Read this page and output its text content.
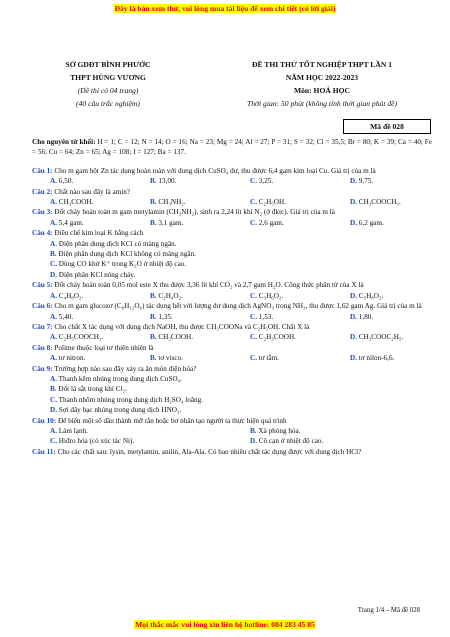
Đây là bản xem thử, vui lòng mua tài liệu để xem chi tiết (có lời giải)
SỞ GDĐT BÌNH PHƯỚC
THPT HÙNG VƯƠNG
(Đề thi có 04 trang)
(40 câu trắc nghiệm)
ĐỀ THI THỬ TỐT NGHIỆP THPT LẦN 1
NĂM HỌC 2022-2023
Môn: HOÁ HỌC
Thời gian: 50 phút (không tính thời gian phát đề)
Mã đề 028
Cho nguyên tử khối: H = 1; C = 12; N = 14; O = 16; Na = 23; Mg = 24; Al = 27; P = 31; S = 32; Cl = 35,5; Br = 80; K = 39; Ca = 40; Fe = 56; Cu = 64; Zn = 65; Ag = 108; I = 127; Ba = 137.
Câu 1: Cho m gam bột Zn tác dụng hoàn toàn với dung dịch CuSO₄ dư, thu được 6,4 gam kim loại Cu. Giá trị của m là
A. 6,50.	B. 13,00.	C. 3,25.	D. 9,75.
Câu 2: Chất nào sau đây là amin?
A. CH₃COOH.	B. CH₃NH₂.	C. C₂H₅OH.	D. CH₃COOCH₃.
Câu 3: Đốt cháy hoàn toàn m gam metylamin (CH₃NH₂), sinh ra 2,24 lít khí N₂ (ở đktc). Giá trị của m là
A. 5,4 gam.	B. 3,1 gam.	C. 2,6 gam.	D. 6,2 gam.
Câu 4: Điều chế kim loại K bằng cách
A. Điện phân dung dịch KCl có màng ngăn.
B. Điện phân dung dịch KCl không có màng ngăn.
C. Dùng CO khử K⁺ trong K₂O ở nhiệt độ cao.
D. Điện phân KCl nóng chảy.
Câu 5: Đốt cháy hoàn toàn 0,05 mol este X thu được 3,36 lít khí CO₂ và 2,7 gam H₂O. Công thức phân tử của X là
A. C₄H₈O₂.	B. C₂H₄O₂.	C. C₃H₆O₂.	D. C₅H₈O₂.
Câu 6: Cho m gam glucozơ (C₆H₁₂O₆) tác dụng hết với lượng dư dung dịch AgNO₃ trong NH₃, thu được 1,62 gam Ag. Giá trị của m là
A. 5,40.	B. 1,35.	C. 1,53.	D. 1,80.
Câu 7: Cho chất X tác dụng với dung dịch NaOH, thu được CH₃COONa và C₂H₅OH. Chất X là
A. C₂H₅COOCH₃.	B. CH₃COOH.	C. C₂H₃COOH.	D. CH₃COOC₂H₅.
Câu 8: Polime thuộc loại tơ thiên nhiên là
A. tơ nitron.	B. tơ visco.	C. tơ tằm.	D. tơ nilon-6,6.
Câu 9: Trường hợp nào sau đây xảy ra ăn mòn điện hóa?
A. Thanh kẽm nhúng trong dung dịch CuSO₄.
B. Đốt lá sắt trong khí Cl₂.
C. Thanh nhôm nhúng trong dung dịch H₂SO₄ loãng.
D. Sợi dây bạc nhúng trong dung dịch HNO₃.
Câu 10: Để biến một số dầu thành mỡ rắn hoặc bơ nhân tạo người ta thực hiện quá trình
A. Làm lạnh.	B. Xà phòng hóa.
C. Hiđro hóa (có xúc tác Ni).	D. Cô cạn ở nhiệt độ cao.
Câu 11: Cho các chất sau: lysin, metylamin, anilin, Ala-Ala. Có bao nhiêu chất tác dụng được với dung dịch HCl?
Trang 1/4 – Mã đề 028
Mọi thắc mắc vui lòng xin liên hệ hotline: 084 283 45 85
